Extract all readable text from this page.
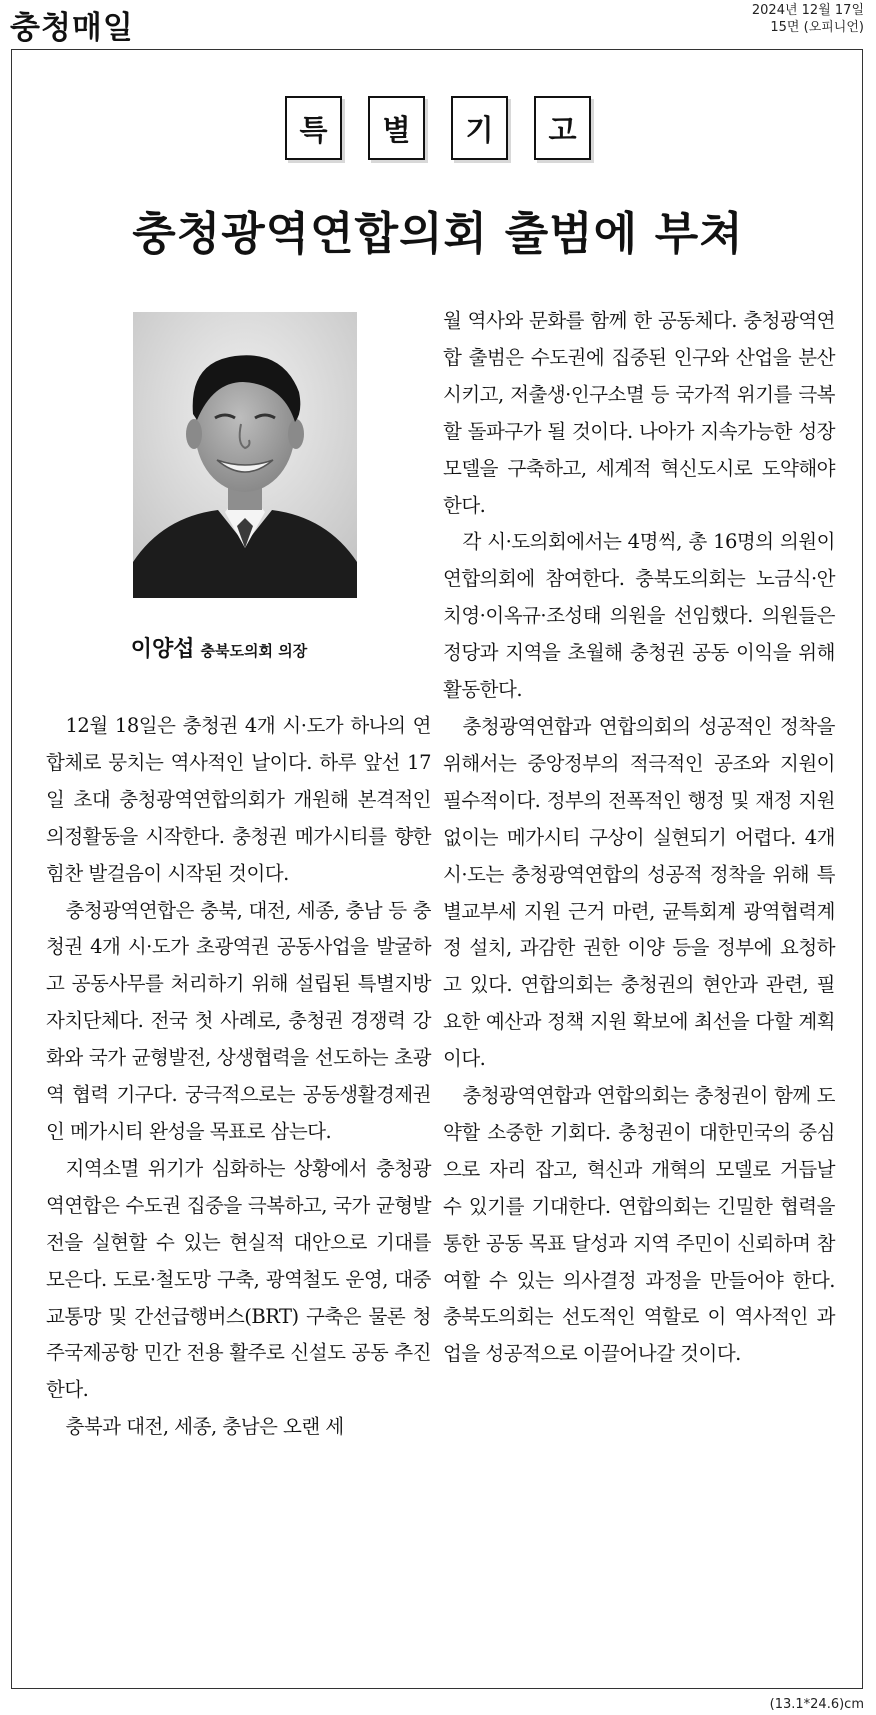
충청매일	2024년 12월 17일
15면 (오피니언)
특	별	기	고
충청광역연합의회 출범에 부쳐
이양섭 충북도의회 의장

12월 18일은 충청권 4개 시·도가 하나의 연합체로 뭉치는 역사적인 날이다. 하루 앞선 17일 초대 충청광역연합의회가 개원해 본격적인 의정활동을 시작한다. 충청권 메가시티를 향한 힘찬 발걸음이 시작된 것이다.

충청광역연합은 충북, 대전, 세종, 충남 등 충청권 4개 시·도가 초광역권 공동사업을 발굴하고 공동사무를 처리하기 위해 설립된 특별지방자치단체다. 전국 첫 사례로, 충청권 경쟁력 강화와 국가 균형발전, 상생협력을 선도하는 초광역 협력 기구다. 궁극적으로는 공동생활경제권인 메가시티 완성을 목표로 삼는다.

지역소멸 위기가 심화하는 상황에서 충청광역연합은 수도권 집중을 극복하고, 국가 균형발전을 실현할 수 있는 현실적 대안으로 기대를 모은다. 도로·철도망 구축, 광역철도 운영, 대중교통망 및 간선급행버스(BRT) 구축은 물론 청주국제공항 민간 전용 활주로 신설도 공동 추진한다.

충북과 대전, 세종, 충남은 오랜 세

월 역사와 문화를 함께 한 공동체다. 충청광역연합 출범은 수도권에 집중된 인구와 산업을 분산시키고, 저출생·인구소멸 등 국가적 위기를 극복할 돌파구가 될 것이다. 나아가 지속가능한 성장 모델을 구축하고, 세계적 혁신도시로 도약해야 한다.

각 시·도의회에서는 4명씩, 총 16명의 의원이 연합의회에 참여한다. 충북도의회는 노금식·안치영·이옥규·조성태 의원을 선임했다. 의원들은 정당과 지역을 초월해 충청권 공동 이익을 위해 활동한다.

충청광역연합과 연합의회의 성공적인 정착을 위해서는 중앙정부의 적극적인 공조와 지원이 필수적이다. 정부의 전폭적인 행정 및 재정 지원 없이는 메가시티 구상이 실현되기 어렵다. 4개 시·도는 충청광역연합의 성공적 정착을 위해 특별교부세 지원 근거 마련, 균특회계 광역협력계정 설치, 과감한 권한 이양 등을 정부에 요청하고 있다. 연합의회는 충청권의 현안과 관련, 필요한 예산과 정책 지원 확보에 최선을 다할 계획이다.

충청광역연합과 연합의회는 충청권이 함께 도약할 소중한 기회다. 충청권이 대한민국의 중심으로 자리 잡고, 혁신과 개혁의 모델로 거듭날 수 있기를 기대한다. 연합의회는 긴밀한 협력을 통한 공동 목표 달성과 지역 주민이 신뢰하며 참여할 수 있는 의사결정 과정을 만들어야 한다. 충북도의회는 선도적인 역할로 이 역사적인 과업을 성공적으로 이끌어나갈 것이다.

(13.1*24.6)cm
